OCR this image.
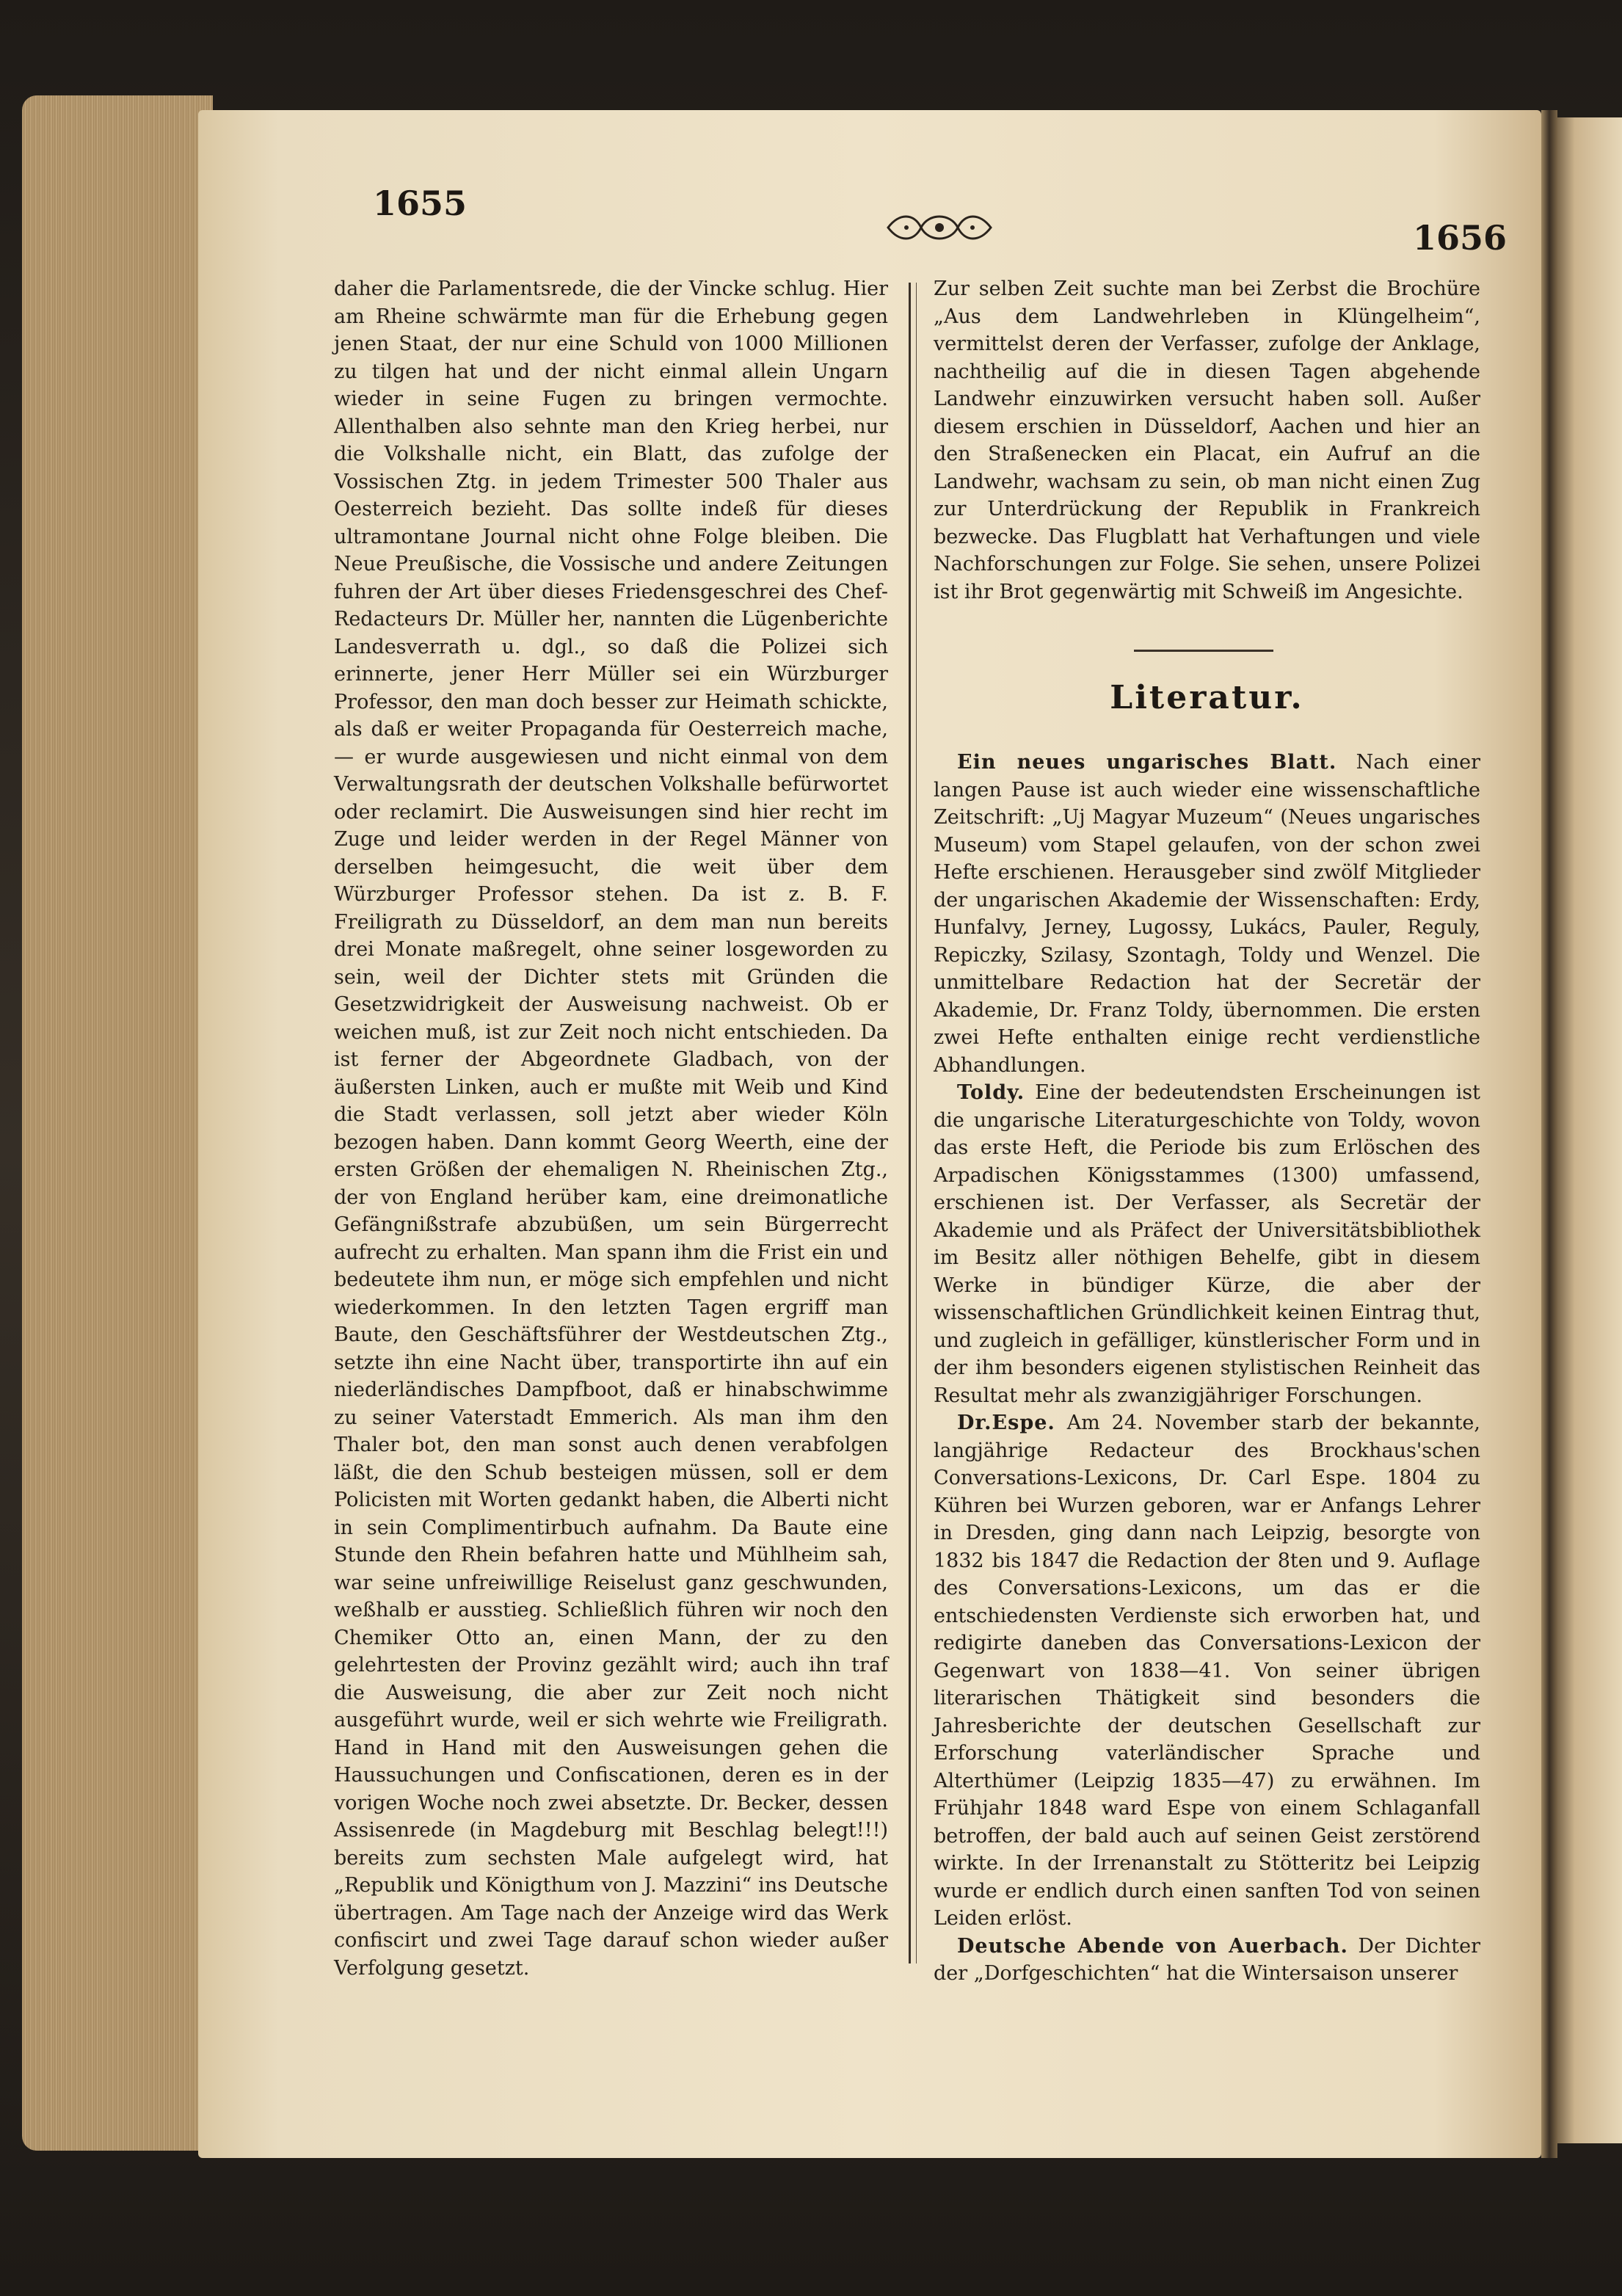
1655
1656

daher die Parlamentsrede, die der Vincke schlug. Hier am Rheine schwärmte man für die Erhebung gegen jenen Staat, der nur eine Schuld von 1000 Millionen zu tilgen hat und der nicht einmal allein Ungarn wieder in seine Fugen zu bringen vermochte. Allenthalben also sehnte man den Krieg herbei, nur die Volkshalle nicht, ein Blatt, das zufolge der Vossischen Ztg. in jedem Trimester 500 Thaler aus Oesterreich bezieht. Das sollte indeß für dieses ultramontane Journal nicht ohne Folge bleiben. Die Neue Preußische, die Vossische und andere Zeitungen fuhren der Art über dieses Friedensgeschrei des Chef-Redacteurs Dr. Müller her, nannten die Lügenberichte Landesverrath u. dgl., so daß die Polizei sich erinnerte, jener Herr Müller sei ein Würzburger Professor, den man doch besser zur Heimath schickte, als daß er weiter Propaganda für Oesterreich mache, — er wurde ausgewiesen und nicht einmal von dem Verwaltungsrath der deutschen Volkshalle befürwortet oder reclamirt. Die Ausweisungen sind hier recht im Zuge und leider werden in der Regel Männer von derselben heimgesucht, die weit über dem Würzburger Professor stehen. Da ist z. B. F. Freiligrath zu Düsseldorf, an dem man nun bereits drei Monate maßregelt, ohne seiner losgeworden zu sein, weil der Dichter stets mit Gründen die Gesetzwidrigkeit der Ausweisung nachweist. Ob er weichen muß, ist zur Zeit noch nicht entschieden. Da ist ferner der Abgeordnete Gladbach, von der äußersten Linken, auch er mußte mit Weib und Kind die Stadt verlassen, soll jetzt aber wieder Köln bezogen haben. Dann kommt Georg Weerth, eine der ersten Größen der ehemaligen N. Rheinischen Ztg., der von England herüber kam, eine dreimonatliche Gefängnißstrafe abzubüßen, um sein Bürgerrecht aufrecht zu erhalten. Man spann ihm die Frist ein und bedeutete ihm nun, er möge sich empfehlen und nicht wiederkommen. In den letzten Tagen ergriff man Baute, den Geschäftsführer der Westdeutschen Ztg., setzte ihn eine Nacht über, transportirte ihn auf ein niederländisches Dampfboot, daß er hinabschwimme zu seiner Vaterstadt Emmerich. Als man ihm den Thaler bot, den man sonst auch denen verabfolgen läßt, die den Schub besteigen müssen, soll er dem Policisten mit Worten gedankt haben, die Alberti nicht in sein Complimentirbuch aufnahm. Da Baute eine Stunde den Rhein befahren hatte und Mühlheim sah, war seine unfreiwillige Reiselust ganz geschwunden, weßhalb er ausstieg. Schließlich führen wir noch den Chemiker Otto an, einen Mann, der zu den gelehrtesten der Provinz gezählt wird; auch ihn traf die Ausweisung, die aber zur Zeit noch nicht ausgeführt wurde, weil er sich wehrte wie Freiligrath. Hand in Hand mit den Ausweisungen gehen die Haussuchungen und Confiscationen, deren es in der vorigen Woche noch zwei absetzte. Dr. Becker, dessen Assisenrede (in Magdeburg mit Beschlag belegt!!!) bereits zum sechsten Male aufgelegt wird, hat „Republik und Königthum von J. Mazzini“ ins Deutsche übertragen. Am Tage nach der Anzeige wird das Werk confiscirt und zwei Tage darauf schon wieder außer Verfolgung gesetzt.

Zur selben Zeit suchte man bei Zerbst die Brochüre „Aus dem Landwehrleben in Klüngelheim“, vermittelst deren der Verfasser, zufolge der Anklage, nachtheilig auf die in diesen Tagen abgehende Landwehr einzuwirken versucht haben soll. Außer diesem erschien in Düsseldorf, Aachen und hier an den Straßenecken ein Placat, ein Aufruf an die Landwehr, wachsam zu sein, ob man nicht einen Zug zur Unterdrückung der Republik in Frankreich bezwecke. Das Flugblatt hat Verhaftungen und viele Nachforschungen zur Folge. Sie sehen, unsere Polizei ist ihr Brot gegenwärtig mit Schweiß im Angesichte.

Literatur.

Ein neues ungarisches Blatt. Nach einer langen Pause ist auch wieder eine wissenschaftliche Zeitschrift: „Uj Magyar Muzeum“ (Neues ungarisches Museum) vom Stapel gelaufen, von der schon zwei Hefte erschienen. Herausgeber sind zwölf Mitglieder der ungarischen Akademie der Wissenschaften: Erdy, Hunfalvy, Jerney, Lugossy, Lukács, Pauler, Reguly, Repiczky, Szilasy, Szontagh, Toldy und Wenzel. Die unmittelbare Redaction hat der Secretär der Akademie, Dr. Franz Toldy, übernommen. Die ersten zwei Hefte enthalten einige recht verdienstliche Abhandlungen.

Toldy. Eine der bedeutendsten Erscheinungen ist die ungarische Literaturgeschichte von Toldy, wovon das erste Heft, die Periode bis zum Erlöschen des Arpadischen Königsstammes (1300) umfassend, erschienen ist. Der Verfasser, als Secretär der Akademie und als Präfect der Universitätsbibliothek im Besitz aller nöthigen Behelfe, gibt in diesem Werke in bündiger Kürze, die aber der wissenschaftlichen Gründlichkeit keinen Eintrag thut, und zugleich in gefälliger, künstlerischer Form und in der ihm besonders eigenen stylistischen Reinheit das Resultat mehr als zwanzigjähriger Forschungen.

Dr.Espe. Am 24. November starb der bekannte, langjährige Redacteur des Brockhaus'schen Conversations-Lexicons, Dr. Carl Espe. 1804 zu Kühren bei Wurzen geboren, war er Anfangs Lehrer in Dresden, ging dann nach Leipzig, besorgte von 1832 bis 1847 die Redaction der 8ten und 9. Auflage des Conversations-Lexicons, um das er die entschiedensten Verdienste sich erworben hat, und redigirte daneben das Conversations-Lexicon der Gegenwart von 1838—41. Von seiner übrigen literarischen Thätigkeit sind besonders die Jahresberichte der deutschen Gesellschaft zur Erforschung vaterländischer Sprache und Alterthümer (Leipzig 1835—47) zu erwähnen. Im Frühjahr 1848 ward Espe von einem Schlaganfall betroffen, der bald auch auf seinen Geist zerstörend wirkte. In der Irrenanstalt zu Stötteritz bei Leipzig wurde er endlich durch einen sanften Tod von seinen Leiden erlöst.

Deutsche Abende von Auerbach. Der Dichter der „Dorfgeschichten“ hat die Wintersaison unserer
